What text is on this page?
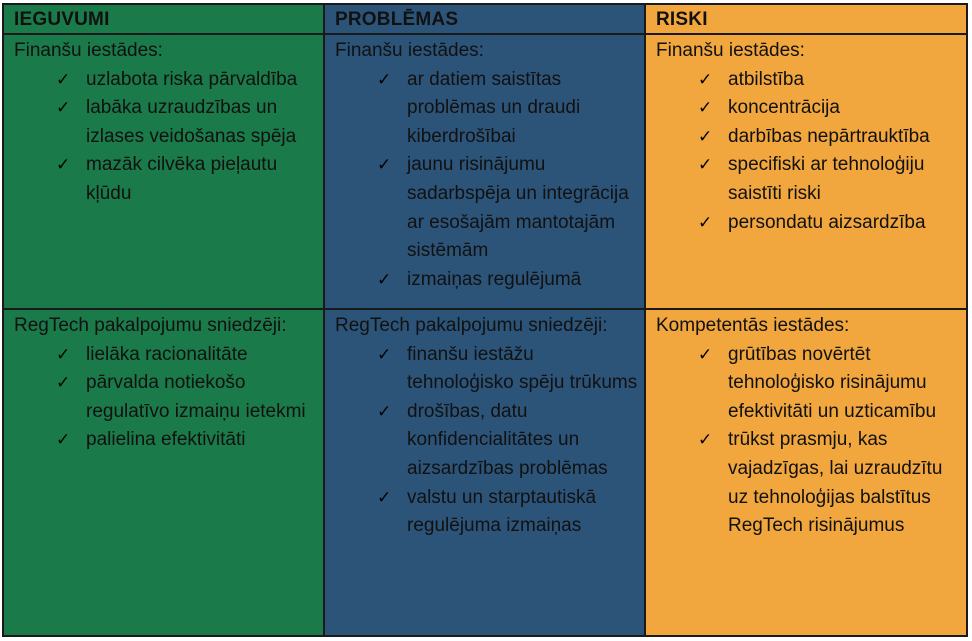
IEGUVUMI	PROBLĒMAS	RISKI

Finanšu iestādes:

✓ uzlabota riska pārvaldība
✓ labāka uzraudzības un izlases veidošanas spēja
✓ mazāk cilvēka pieļautu kļūdu

Finanšu iestādes:

✓ ar datiem saistītas problēmas un draudi kiberdrošībai
✓ jaunu risinājumu sadarbspēja un integrācija ar esošajām mantotajām sistēmām
✓ izmaiņas regulējumā

Finanšu iestādes:

✓ atbilstība
✓ koncentrācija
✓ darbības nepārtrauktība
✓ specifiski ar tehnoloģiju saistīti riski
✓ persondatu aizsardzība

RegTech pakalpojumu sniedzēji:

✓ lielāka racionalitāte
✓ pārvalda notiekošo regulatīvo izmaiņu ietekmi
✓ palielina efektivitāti

RegTech pakalpojumu sniedzēji:

✓ finanšu iestāžu tehnoloģisko spēju trūkums
✓ drošības, datu konfidencialitātes un aizsardzības problēmas
✓ valstu un starptautiskā regulējuma izmaiņas

Kompetentās iestādes:

✓ grūtības novērtēt tehnoloģisko risinājumu efektivitāti un uzticamību
✓ trūkst prasmju, kas vajadzīgas, lai uzraudzītu uz tehnoloģijas balstītus RegTech risinājumus
